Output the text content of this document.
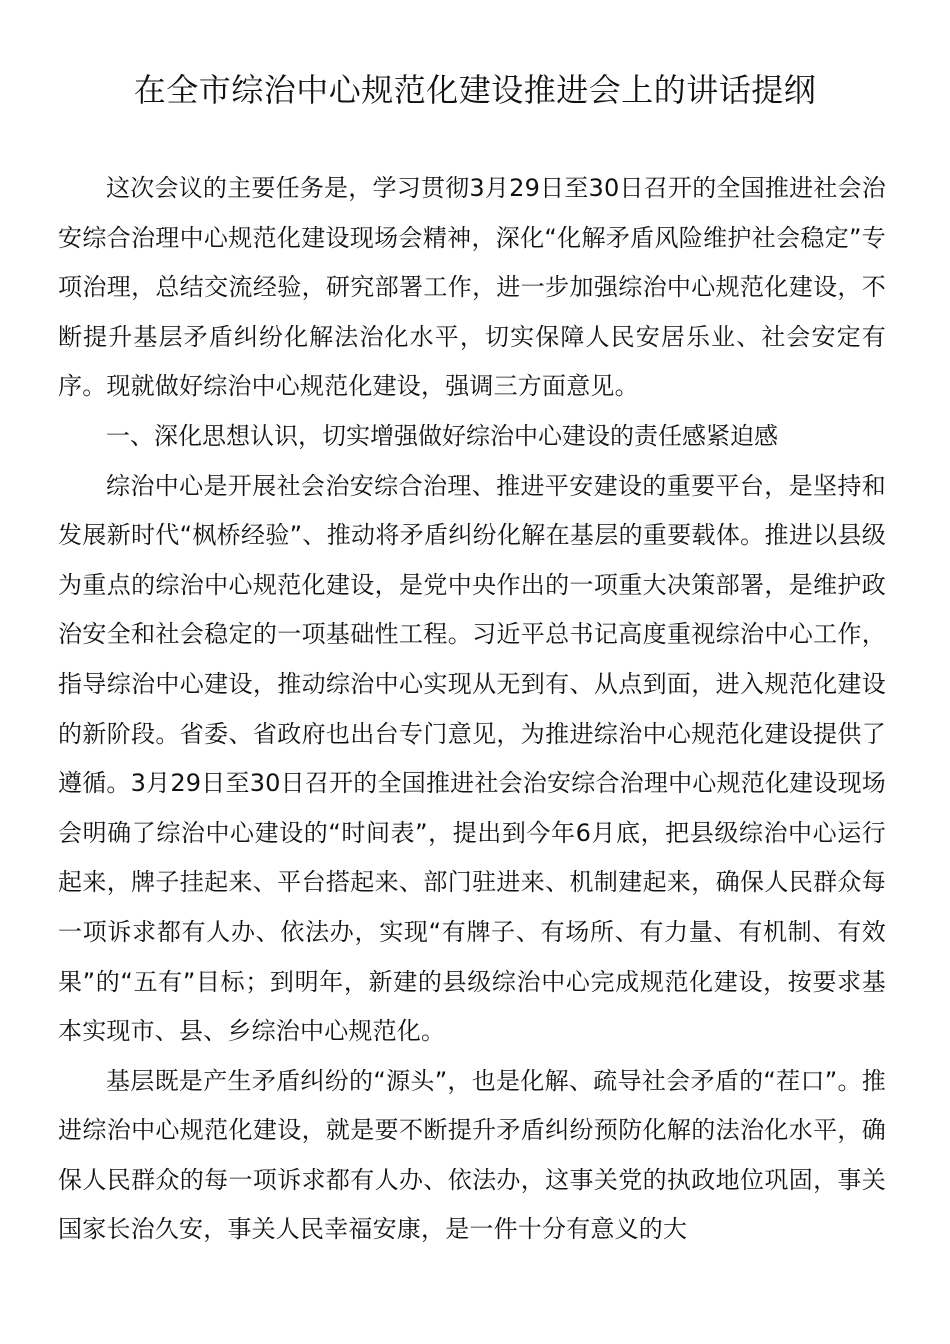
在全市综治中心规范化建设推进会上的讲话提纲

这次会议的主要任务是，学习贯彻3月29日至30日召开的全国推进社会治安综合治理中心规范化建设现场会精神，深化“化解矛盾风险维护社会稳定”专项治理，总结交流经验，研究部署工作，进一步加强综治中心规范化建设，不断提升基层矛盾纠纷化解法治化水平，切实保障人民安居乐业、社会安定有序。现就做好综治中心规范化建设，强调三方面意见。

一、深化思想认识，切实增强做好综治中心建设的责任感紧迫感

综治中心是开展社会治安综合治理、推进平安建设的重要平台，是坚持和发展新时代“枫桥经验”、推动将矛盾纠纷化解在基层的重要载体。推进以县级为重点的综治中心规范化建设，是党中央作出的一项重大决策部署，是维护政治安全和社会稳定的一项基础性工程。习近平总书记高度重视综治中心工作，指导综治中心建设，推动综治中心实现从无到有、从点到面，进入规范化建设的新阶段。省委、省政府也出台专门意见，为推进综治中心规范化建设提供了遵循。3月29日至30日召开的全国推进社会治安综合治理中心规范化建设现场会明确了综治中心建设的“时间表”，提出到今年6月底，把县级综治中心运行起来，牌子挂起来、平台搭起来、部门驻进来、机制建起来，确保人民群众每一项诉求都有人办、依法办，实现“有牌子、有场所、有力量、有机制、有效果”的“五有”目标；到明年，新建的县级综治中心完成规范化建设，按要求基本实现市、县、乡综治中心规范化。

基层既是产生矛盾纠纷的“源头”，也是化解、疏导社会矛盾的“茬口”。推进综治中心规范化建设，就是要不断提升矛盾纠纷预防化解的法治化水平，确保人民群众的每一项诉求都有人办、依法办，这事关党的执政地位巩固，事关国家长治久安，事关人民幸福安康，是一件十分有意义的大
